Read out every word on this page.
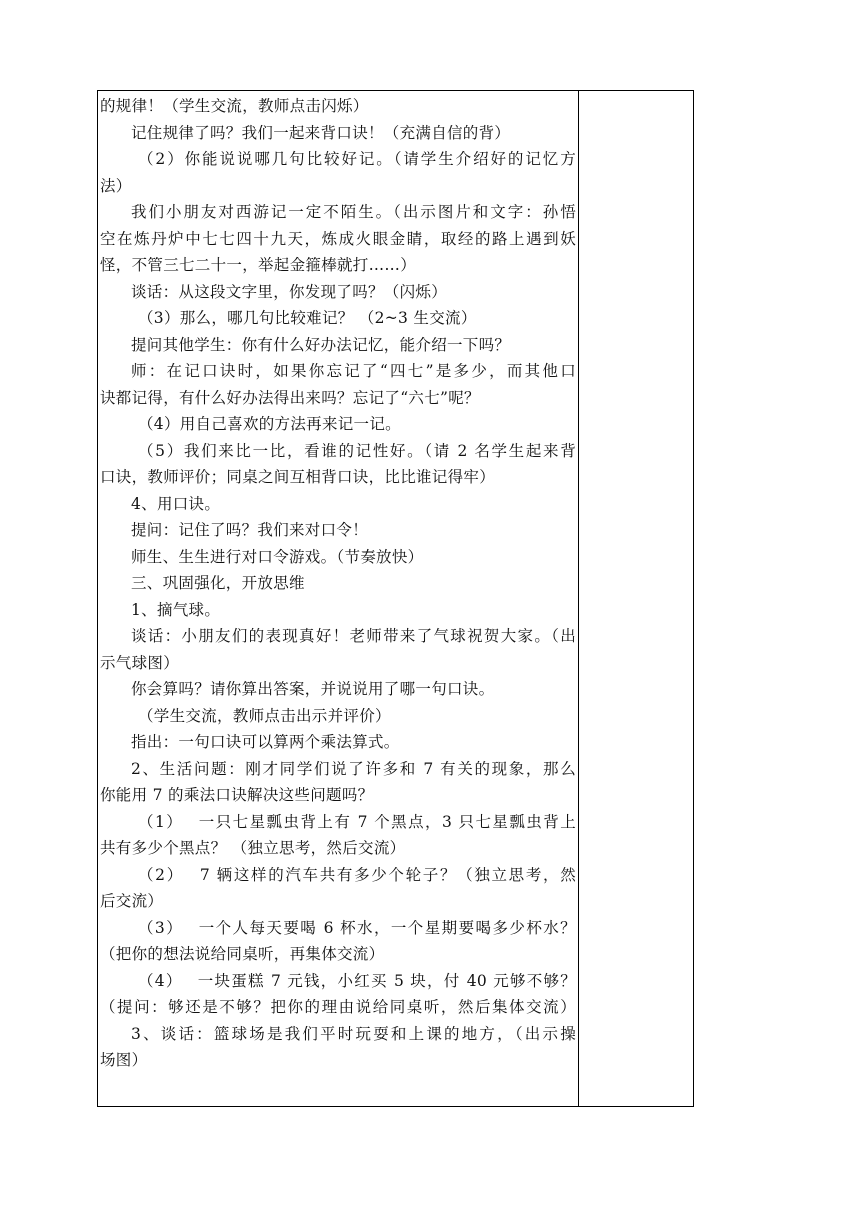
的规律！（学生交流，教师点击闪烁）
记住规律了吗？我们一起来背口诀！（充满自信的背）
（2）你能说说哪几句比较好记。（请学生介绍好的记忆方
法）
我们小朋友对西游记一定不陌生。（出示图片和文字：孙悟
空在炼丹炉中七七四十九天，炼成火眼金睛，取经的路上遇到妖
怪，不管三七二十一，举起金箍棒就打……）
谈话：从这段文字里，你发现了吗？（闪烁）
（3）那么，哪几句比较难记？ （2~3 生交流）
提问其他学生：你有什么好办法记忆，能介绍一下吗？
师：在记口诀时，如果你忘记了“四七”是多少，而其他口
诀都记得，有什么好办法得出来吗？忘记了“六七”呢？
（4）用自己喜欢的方法再来记一记。
（5）我们来比一比，看谁的记性好。（请 2 名学生起来背
口诀，教师评价；同桌之间互相背口诀，比比谁记得牢）
4、用口诀。
提问：记住了吗？我们来对口令！
师生、生生进行对口令游戏。（节奏放快）
三、巩固强化，开放思维
1、摘气球。
谈话：小朋友们的表现真好！老师带来了气球祝贺大家。（出
示气球图）
你会算吗？请你算出答案，并说说用了哪一句口诀。
（学生交流，教师点击出示并评价）
指出：一句口诀可以算两个乘法算式。
2、生活问题：刚才同学们说了许多和 7 有关的现象，那么
你能用 7 的乘法口诀解决这些问题吗？
（1）　 一只七星瓢虫背上有 7 个黑点，3 只七星瓢虫背上
共有多少个黑点？ （独立思考，然后交流）
（2）　 7 辆这样的汽车共有多少个轮子？（独立思考，然
后交流）
（3）　 一个人每天要喝 6 杯水，一个星期要喝多少杯水？
（把你的想法说给同桌听，再集体交流）
（4）　 一块蛋糕 7 元钱，小红买 5 块，付 40 元够不够？
（提问：够还是不够？把你的理由说给同桌听，然后集体交流）
3、谈话：篮球场是我们平时玩耍和上课的地方，（出示操
场图）
